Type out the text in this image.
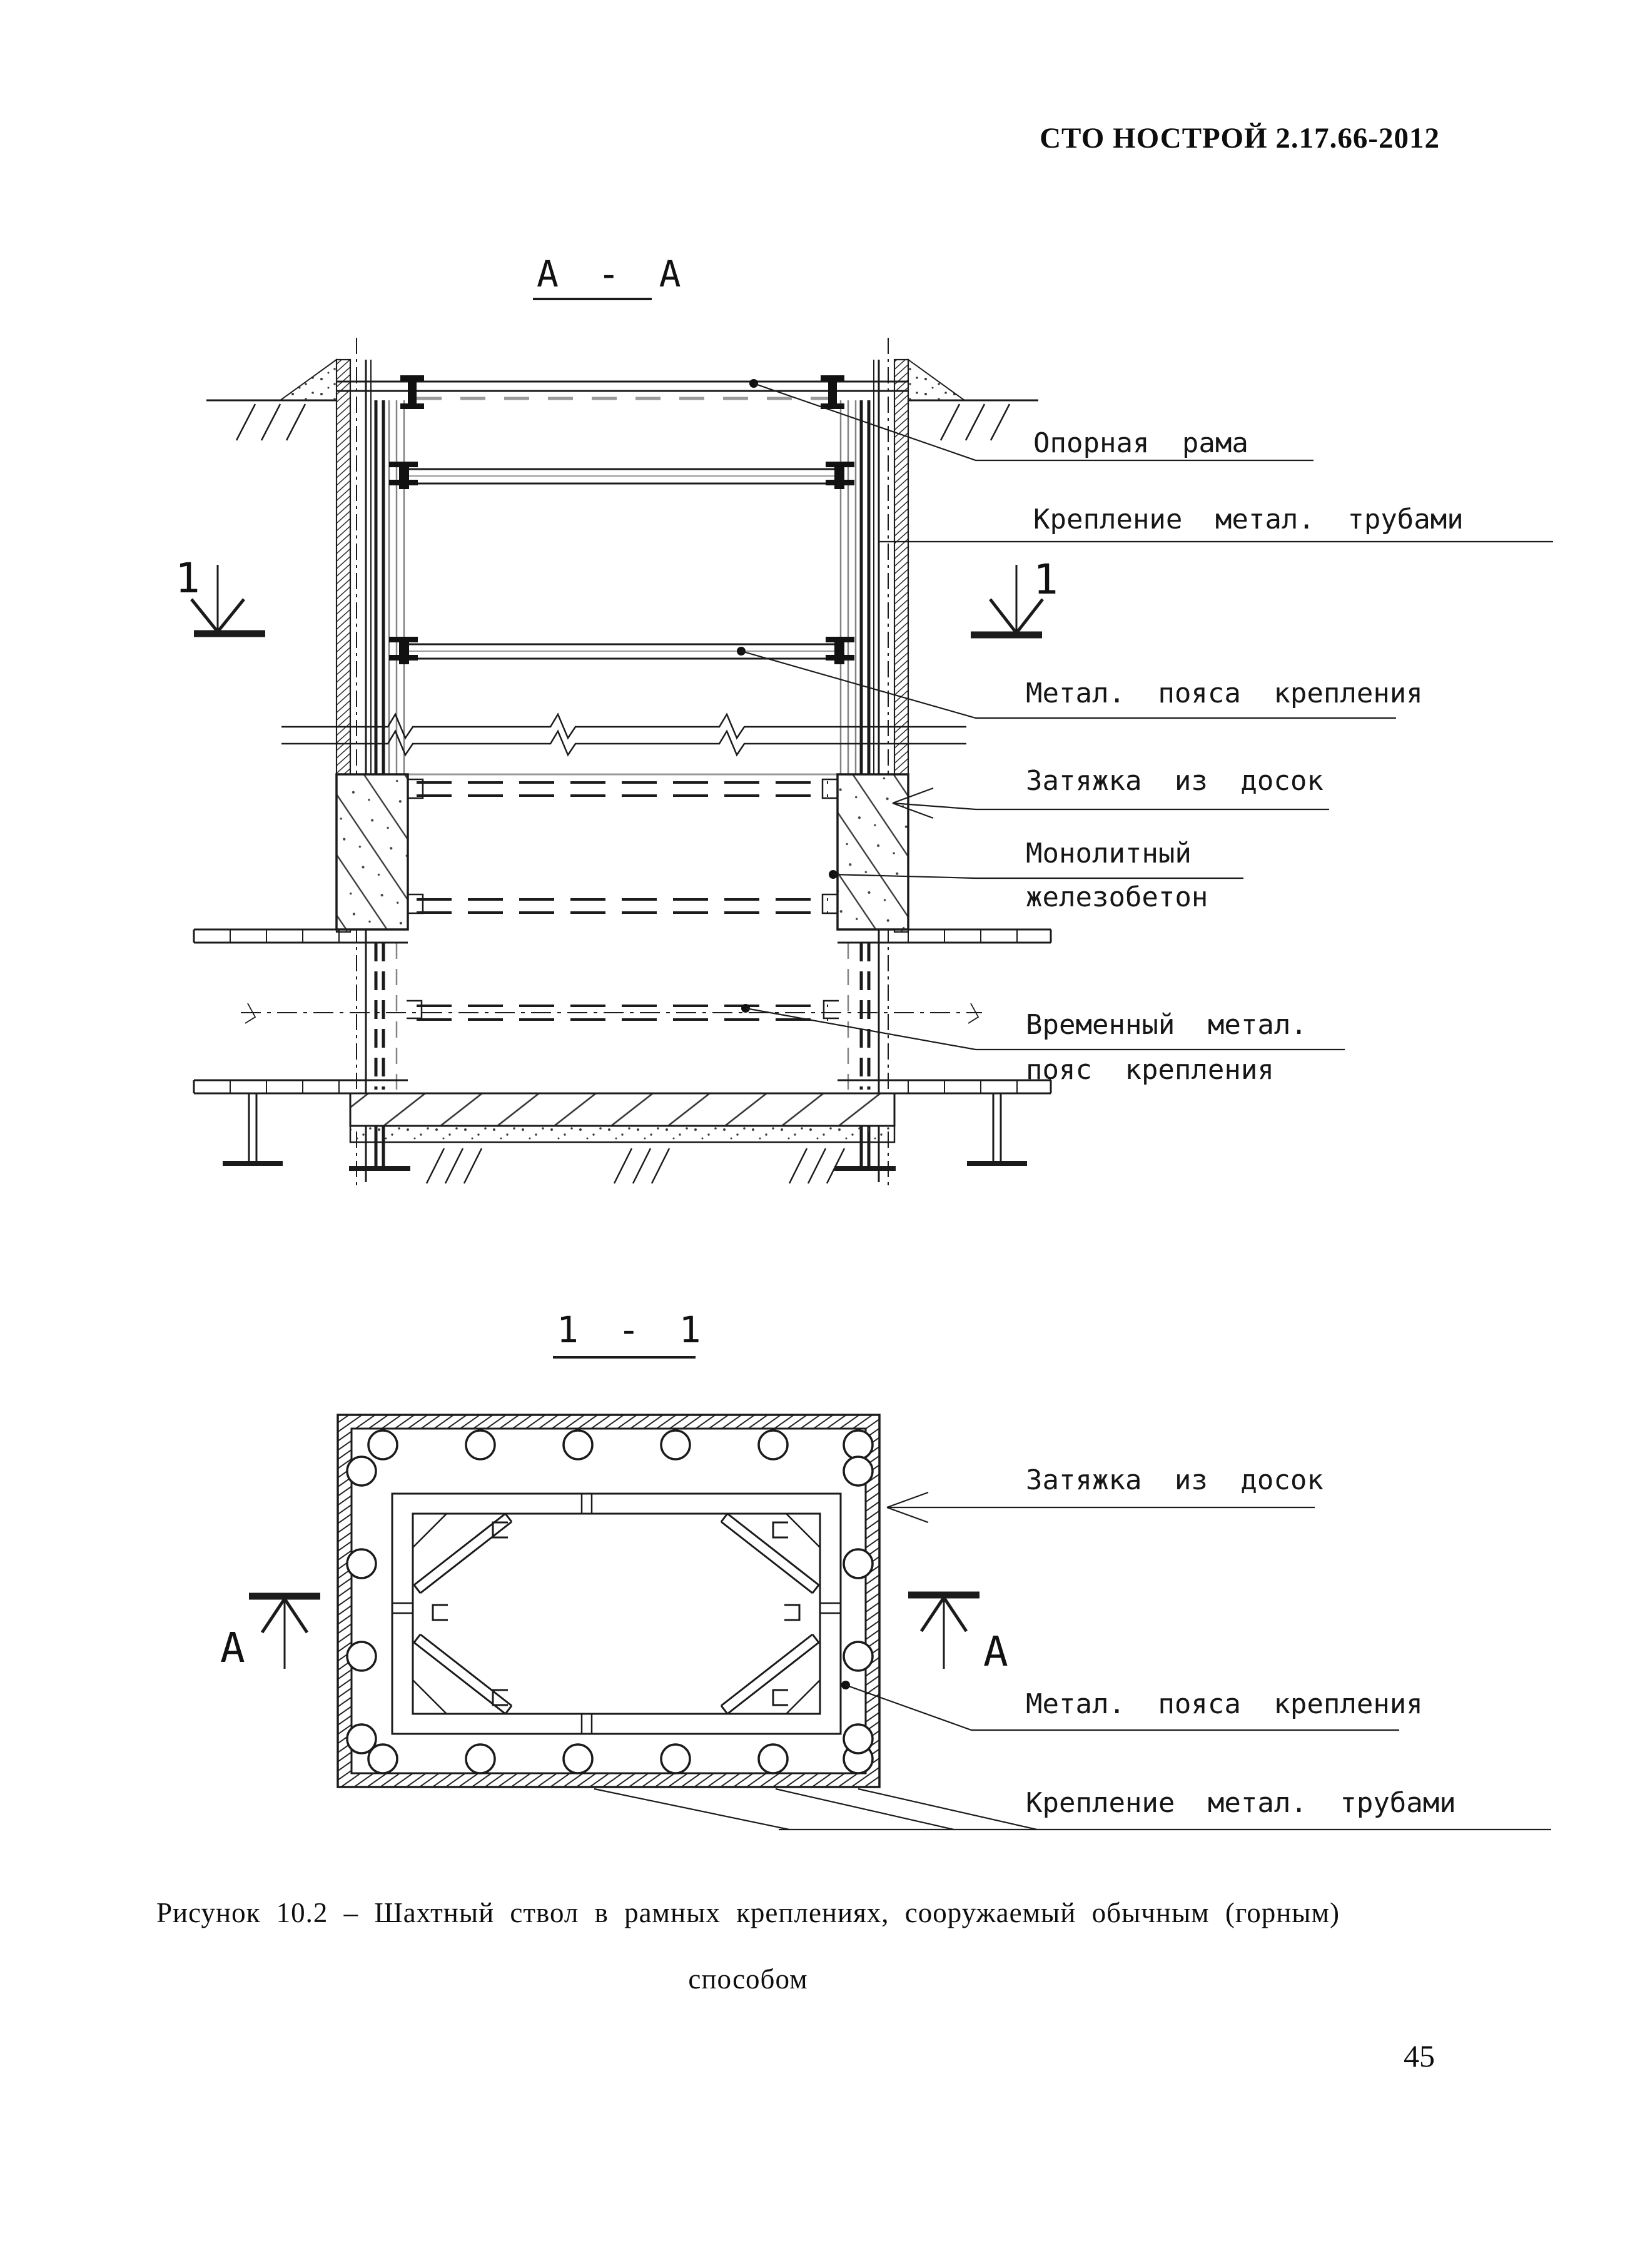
СТО НОСТРОЙ 2.17.66-2012
А - А
1	1
Опорная рама
Крепление метал. трубами
Метал. пояса крепления
Затяжка из досок
Монолитный
железобетон
Временный метал.
пояс крепления
1 - 1
А	А
Затяжка из досок
Метал. пояса крепления
Крепление метал. трубами
Рисунок 10.2 – Шахтный ствол в рамных креплениях, сооружаемый обычным (горным)
способом
45
